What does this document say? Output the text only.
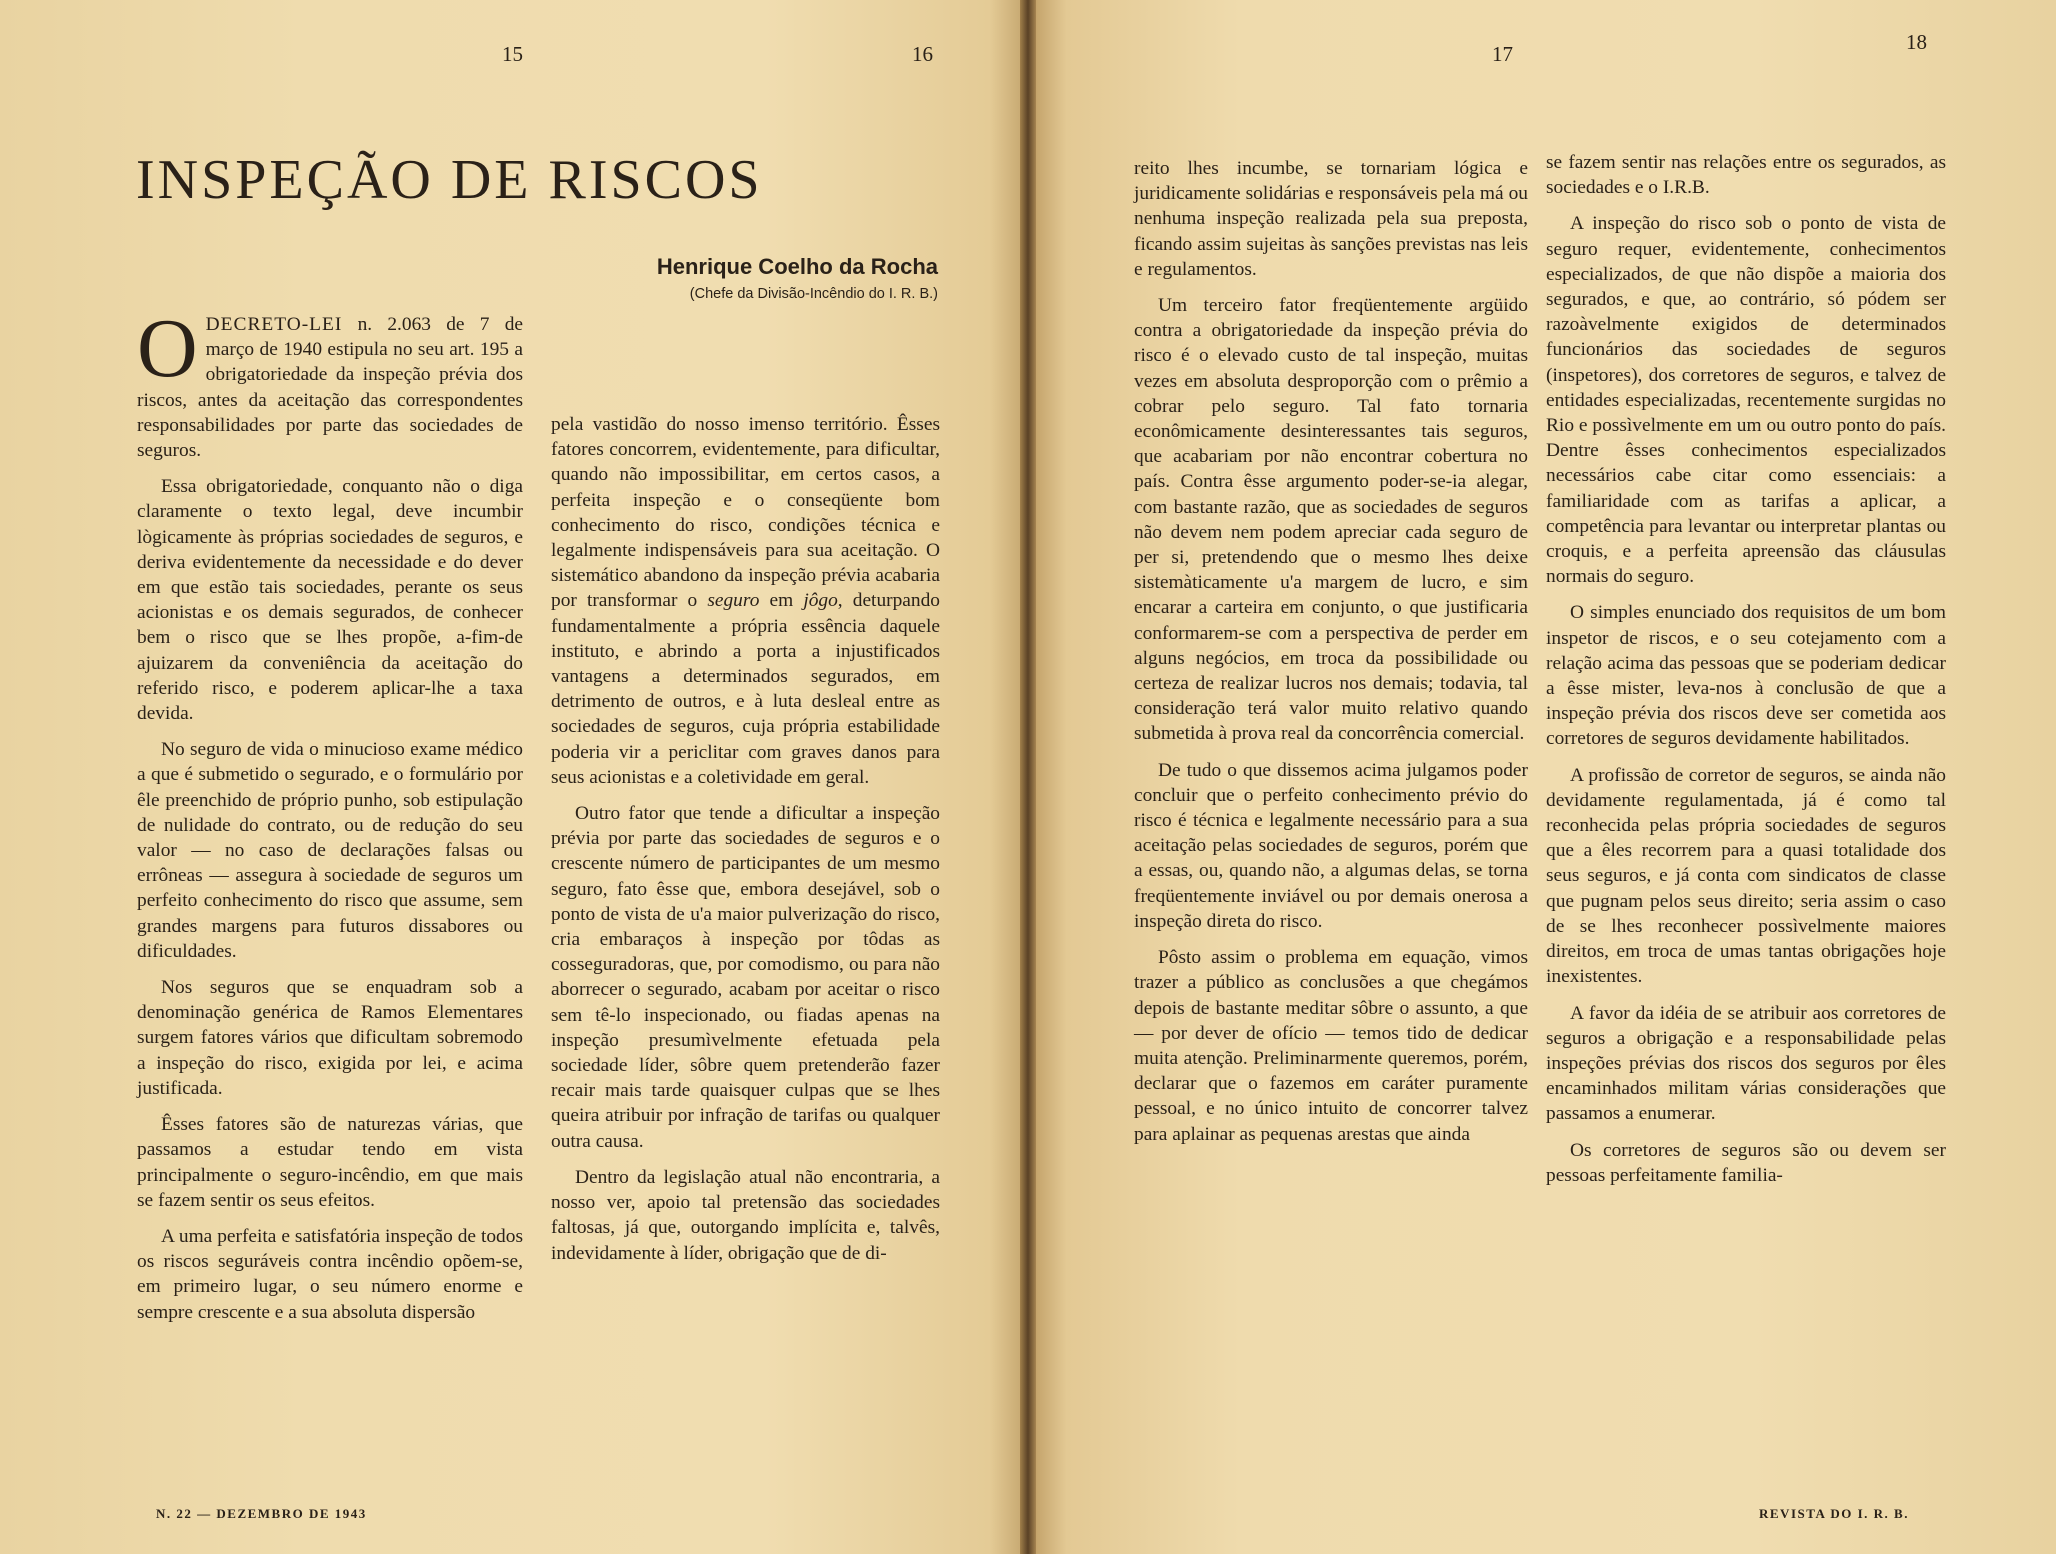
15	16
INSPEÇÃO DE RISCOS
Henrique Coelho da Rocha
(Chefe da Divisão-Incêndio do I. R. B.)

ODECRETO-LEI n. 2.063 de 7 de março de 1940 estipula no seu art. 195 a obrigatoriedade da inspeção prévia dos riscos, antes da aceitação das correspondentes responsabilidades por parte das sociedades de seguros.

Essa obrigatoriedade, conquanto não o diga claramente o texto legal, deve incumbir lògicamente às próprias sociedades de seguros, e deriva evidentemente da necessidade e do dever em que estão tais sociedades, perante os seus acionistas e os demais segurados, de conhecer bem o risco que se lhes propõe, a-fim-de ajuizarem da conveniência da aceitação do referido risco, e poderem aplicar-lhe a taxa devida.

No seguro de vida o minucioso exame médico a que é submetido o segurado, e o formulário por êle preenchido de próprio punho, sob estipulação de nulidade do contrato, ou de redução do seu valor — no caso de declarações falsas ou errôneas — assegura à sociedade de seguros um perfeito conhecimento do risco que assume, sem grandes margens para futuros dissabores ou dificuldades.

Nos seguros que se enquadram sob a denominação genérica de Ramos Elementares surgem fatores vários que dificultam sobremodo a inspeção do risco, exigida por lei, e acima justificada.

Êsses fatores são de naturezas várias, que passamos a estudar tendo em vista principalmente o seguro-incêndio, em que mais se fazem sentir os seus efeitos.

A uma perfeita e satisfatória inspeção de todos os riscos seguráveis contra incêndio opõem-se, em primeiro lugar, o seu número enorme e sempre crescente e a sua absoluta dispersão

pela vastidão do nosso imenso território. Êsses fatores concorrem, evidentemente, para dificultar, quando não impossibilitar, em certos casos, a perfeita inspeção e o conseqüente bom conhecimento do risco, condições técnica e legalmente indispensáveis para sua aceitação. O sistemático abandono da inspeção prévia acabaria por transformar o seguro em jôgo, deturpando fundamentalmente a própria essência daquele instituto, e abrindo a porta a injustificados vantagens a determinados segurados, em detrimento de outros, e à luta desleal entre as sociedades de seguros, cuja própria estabilidade poderia vir a periclitar com graves danos para seus acionistas e a coletividade em geral.

Outro fator que tende a dificultar a inspeção prévia por parte das sociedades de seguros e o crescente número de participantes de um mesmo seguro, fato êsse que, embora desejável, sob o ponto de vista de u'a maior pulverização do risco, cria embaraços à inspeção por tôdas as cosseguradoras, que, por comodismo, ou para não aborrecer o segurado, acabam por aceitar o risco sem tê-lo inspecionado, ou fiadas apenas na inspeção presumìvelmente efetuada pela sociedade líder, sôbre quem pretenderão fazer recair mais tarde quaisquer culpas que se lhes queira atribuir por infração de tarifas ou qualquer outra causa.

Dentro da legislação atual não encontraria, a nosso ver, apoio tal pretensão das sociedades faltosas, já que, outorgando implícita e, talvês, indevidamente à líder, obrigação que de di-

N. 22 — DEZEMBRO DE 1943
17	18

reito lhes incumbe, se tornariam lógica e juridicamente solidárias e responsáveis pela má ou nenhuma inspeção realizada pela sua preposta, ficando assim sujeitas às sanções previstas nas leis e regulamentos.

Um terceiro fator freqüentemente argüido contra a obrigatoriedade da inspeção prévia do risco é o elevado custo de tal inspeção, muitas vezes em absoluta desproporção com o prêmio a cobrar pelo seguro. Tal fato tornaria econômicamente desinteressantes tais seguros, que acabariam por não encontrar cobertura no país. Contra êsse argumento poder-se-ia alegar, com bastante razão, que as sociedades de seguros não devem nem podem apreciar cada seguro de per si, pretendendo que o mesmo lhes deixe sistemàticamente u'a margem de lucro, e sim encarar a carteira em conjunto, o que justificaria conformarem-se com a perspectiva de perder em alguns negócios, em troca da possibilidade ou certeza de realizar lucros nos demais; todavia, tal consideração terá valor muito relativo quando submetida à prova real da concorrência comercial.

De tudo o que dissemos acima julgamos poder concluir que o perfeito conhecimento prévio do risco é técnica e legalmente necessário para a sua aceitação pelas sociedades de seguros, porém que a essas, ou, quando não, a algumas delas, se torna freqüentemente inviável ou por demais onerosa a inspeção direta do risco.

Pôsto assim o problema em equação, vimos trazer a público as conclusões a que chegámos depois de bastante meditar sôbre o assunto, a que — por dever de ofício — temos tido de dedicar muita atenção. Preliminarmente queremos, porém, declarar que o fazemos em caráter puramente pessoal, e no único intuito de concorrer talvez para aplainar as pequenas arestas que ainda

se fazem sentir nas relações entre os segurados, as sociedades e o I.R.B.

A inspeção do risco sob o ponto de vista de seguro requer, evidentemente, conhecimentos especializados, de que não dispõe a maioria dos segurados, e que, ao contrário, só pódem ser razoàvelmente exigidos de determinados funcionários das sociedades de seguros (inspetores), dos corretores de seguros, e talvez de entidades especializadas, recentemente surgidas no Rio e possìvelmente em um ou outro ponto do país. Dentre êsses conhecimentos especializados necessários cabe citar como essenciais: a familiaridade com as tarifas a aplicar, a competência para levantar ou interpretar plantas ou croquis, e a perfeita apreensão das cláusulas normais do seguro.

O simples enunciado dos requisitos de um bom inspetor de riscos, e o seu cotejamento com a relação acima das pessoas que se poderiam dedicar a êsse mister, leva-nos à conclusão de que a inspeção prévia dos riscos deve ser cometida aos corretores de seguros devidamente habilitados.

A profissão de corretor de seguros, se ainda não devidamente regulamentada, já é como tal reconhecida pelas própria sociedades de seguros que a êles recorrem para a quasi totalidade dos seus seguros, e já conta com sindicatos de classe que pugnam pelos seus direito; seria assim o caso de se lhes reconhecer possìvelmente maiores direitos, em troca de umas tantas obrigações hoje inexistentes.

A favor da idéia de se atribuir aos corretores de seguros a obrigação e a responsabilidade pelas inspeções prévias dos riscos dos seguros por êles encaminhados militam várias considerações que passamos a enumerar.

Os corretores de seguros são ou devem ser pessoas perfeitamente familia-

REVISTA DO I. R. B.
